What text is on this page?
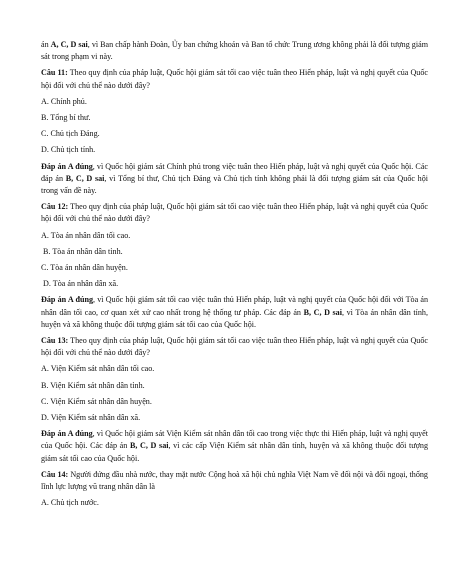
án A, C, D sai, vì Ban chấp hành Đoàn, Ủy ban chứng khoán và Ban tổ chức Trung ương không phải là đối tượng giám sát trong phạm vi này.

Câu 11: Theo quy định của pháp luật, Quốc hội giám sát tối cao việc tuân theo Hiến pháp, luật và nghị quyết của Quốc hội đối với chủ thể nào dưới đây?

A. Chính phủ.

B. Tổng bí thư.

C. Chủ tịch Đảng.

D. Chủ tịch tỉnh.

Đáp án A đúng, vì Quốc hội giám sát Chính phủ trong việc tuân theo Hiến pháp, luật và nghị quyết của Quốc hội. Các đáp án B, C, D sai, vì Tổng bí thư, Chủ tịch Đảng và Chủ tịch tỉnh không phải là đối tượng giám sát của Quốc hội trong vấn đề này.

Câu 12: Theo quy định của pháp luật, Quốc hội giám sát tối cao việc tuân theo Hiến pháp, luật và nghị quyết của Quốc hội đối với chủ thể nào dưới đây?

A. Tòa án nhân dân tối cao.

B. Tòa án nhân dân tỉnh.

C. Tòa án nhân dân huyện.

D. Tòa án nhân dân xã.

Đáp án A đúng, vì Quốc hội giám sát tối cao việc tuân thủ Hiến pháp, luật và nghị quyết của Quốc hội đối với Tòa án nhân dân tối cao, cơ quan xét xử cao nhất trong hệ thống tư pháp. Các đáp án B, C, D sai, vì Tòa án nhân dân tỉnh, huyện và xã không thuộc đối tượng giám sát tối cao của Quốc hội.

Câu 13: Theo quy định của pháp luật, Quốc hội giám sát tối cao việc tuân theo Hiến pháp, luật và nghị quyết của Quốc hội đối với chủ thể nào dưới đây?

A. Viện Kiểm sát nhân dân tối cao.

B. Viện Kiểm sát nhân dân tỉnh.

C. Viện Kiểm sát nhân dân huyện.

D. Viện Kiểm sát nhân dân xã.

Đáp án A đúng, vì Quốc hội giám sát Viện Kiểm sát nhân dân tối cao trong việc thực thi Hiến pháp, luật và nghị quyết của Quốc hội. Các đáp án B, C, D sai, vì các cấp Viện Kiểm sát nhân dân tỉnh, huyện và xã không thuộc đối tượng giám sát tối cao của Quốc hội.

Câu 14: Người đứng đầu nhà nước, thay mặt nước Cộng hoà xã hội chủ nghĩa Việt Nam về đối nội và đối ngoại, thống lĩnh lực lượng vũ trang nhân dân là

A. Chủ tịch nước.
